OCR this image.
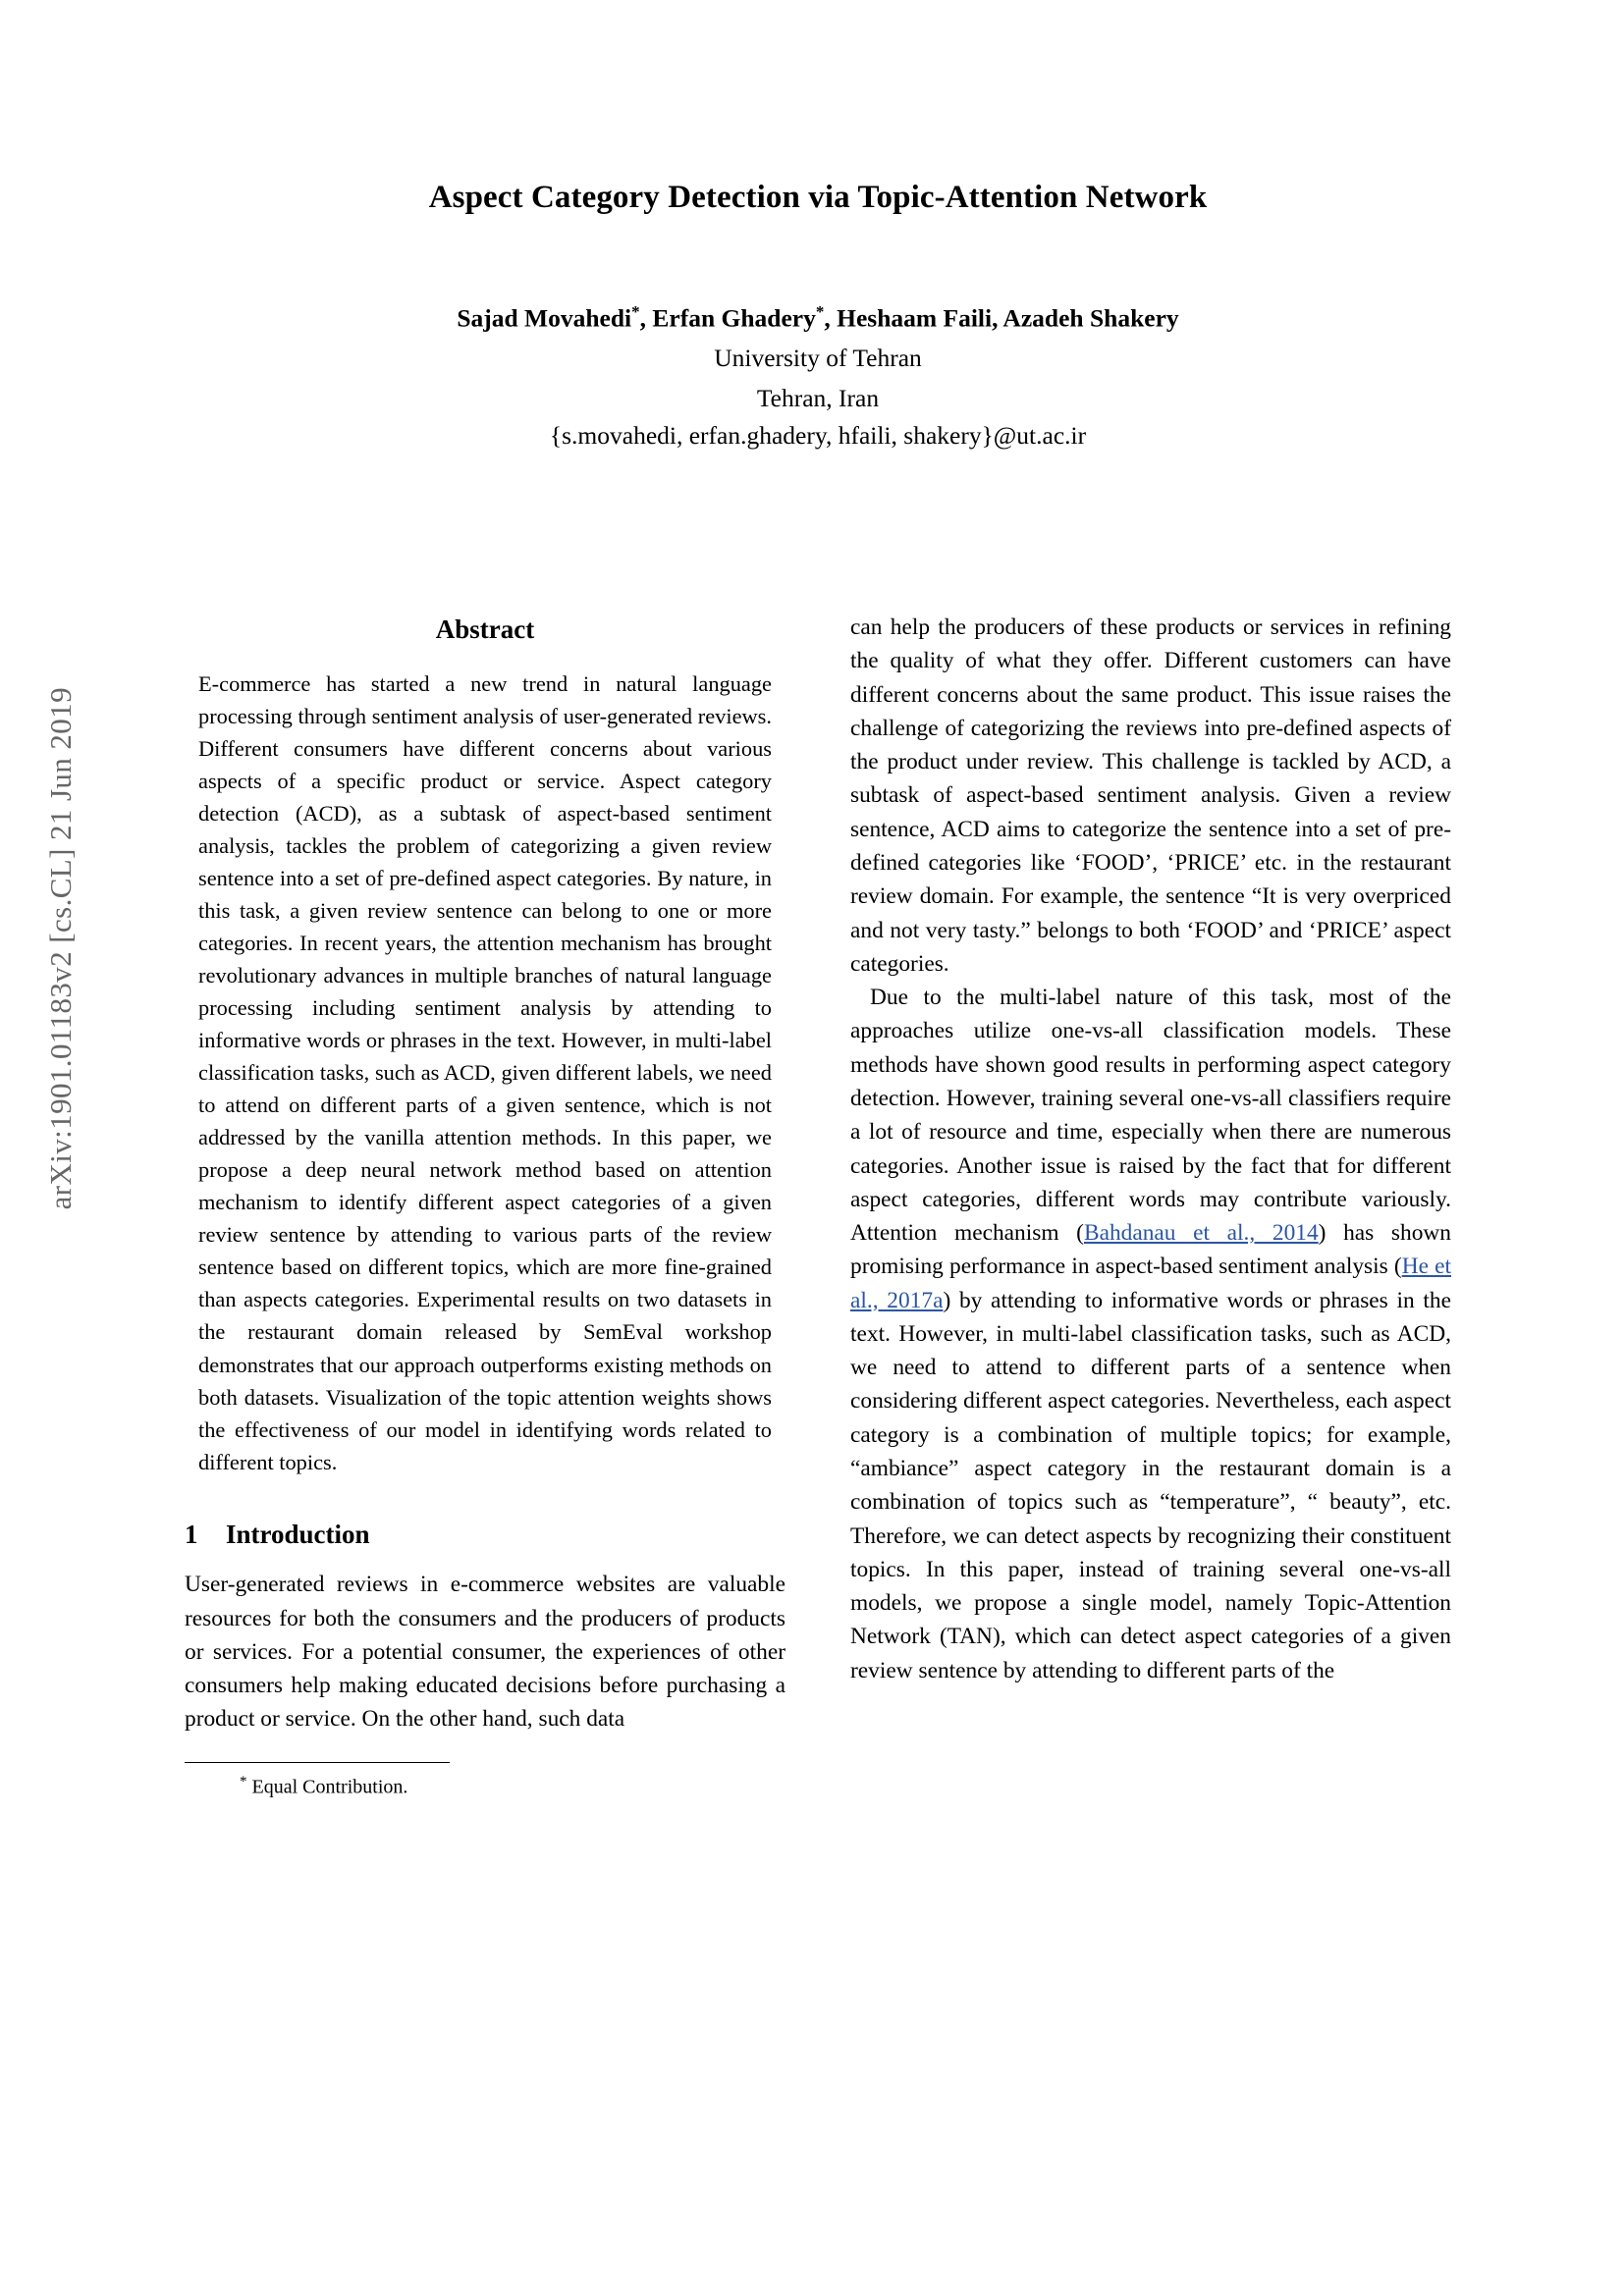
arXiv:1901.01183v2 [cs.CL] 21 Jun 2019
Aspect Category Detection via Topic-Attention Network
Sajad Movahedi*, Erfan Ghadery*, Heshaam Faili, Azadeh Shakery
University of Tehran
Tehran, Iran
{s.movahedi, erfan.ghadery, hfaili, shakery}@ut.ac.ir
Abstract
E-commerce has started a new trend in natural language processing through sentiment analysis of user-generated reviews. Different consumers have different concerns about various aspects of a specific product or service. Aspect category detection (ACD), as a subtask of aspect-based sentiment analysis, tackles the problem of categorizing a given review sentence into a set of pre-defined aspect categories. By nature, in this task, a given review sentence can belong to one or more categories. In recent years, the attention mechanism has brought revolutionary advances in multiple branches of natural language processing including sentiment analysis by attending to informative words or phrases in the text. However, in multi-label classification tasks, such as ACD, given different labels, we need to attend on different parts of a given sentence, which is not addressed by the vanilla attention methods. In this paper, we propose a deep neural network method based on attention mechanism to identify different aspect categories of a given review sentence by attending to various parts of the review sentence based on different topics, which are more fine-grained than aspects categories. Experimental results on two datasets in the restaurant domain released by SemEval workshop demonstrates that our approach outperforms existing methods on both datasets. Visualization of the topic attention weights shows the effectiveness of our model in identifying words related to different topics.
1 Introduction

User-generated reviews in e-commerce websites are valuable resources for both the consumers and the producers of products or services. For a potential consumer, the experiences of other consumers help making educated decisions before purchasing a product or service. On the other hand, such data

* Equal Contribution.

can help the producers of these products or services in refining the quality of what they offer. Different customers can have different concerns about the same product. This issue raises the challenge of categorizing the reviews into pre-defined aspects of the product under review. This challenge is tackled by ACD, a subtask of aspect-based sentiment analysis. Given a review sentence, ACD aims to categorize the sentence into a set of pre-defined categories like ‘FOOD’, ‘PRICE’ etc. in the restaurant review domain. For example, the sentence “It is very overpriced and not very tasty.” belongs to both ‘FOOD’ and ‘PRICE’ aspect categories.

Due to the multi-label nature of this task, most of the approaches utilize one-vs-all classification models. These methods have shown good results in performing aspect category detection. However, training several one-vs-all classifiers require a lot of resource and time, especially when there are numerous categories. Another issue is raised by the fact that for different aspect categories, different words may contribute variously. Attention mechanism (Bahdanau et al., 2014) has shown promising performance in aspect-based sentiment analysis (He et al., 2017a) by attending to informative words or phrases in the text. However, in multi-label classification tasks, such as ACD, we need to attend to different parts of a sentence when considering different aspect categories. Nevertheless, each aspect category is a combination of multiple topics; for example, “ambiance” aspect category in the restaurant domain is a combination of topics such as “temperature”, “ beauty”, etc. Therefore, we can detect aspects by recognizing their constituent topics. In this paper, instead of training several one-vs-all models, we propose a single model, namely Topic-Attention Network (TAN), which can detect aspect categories of a given review sentence by attending to different parts of the
